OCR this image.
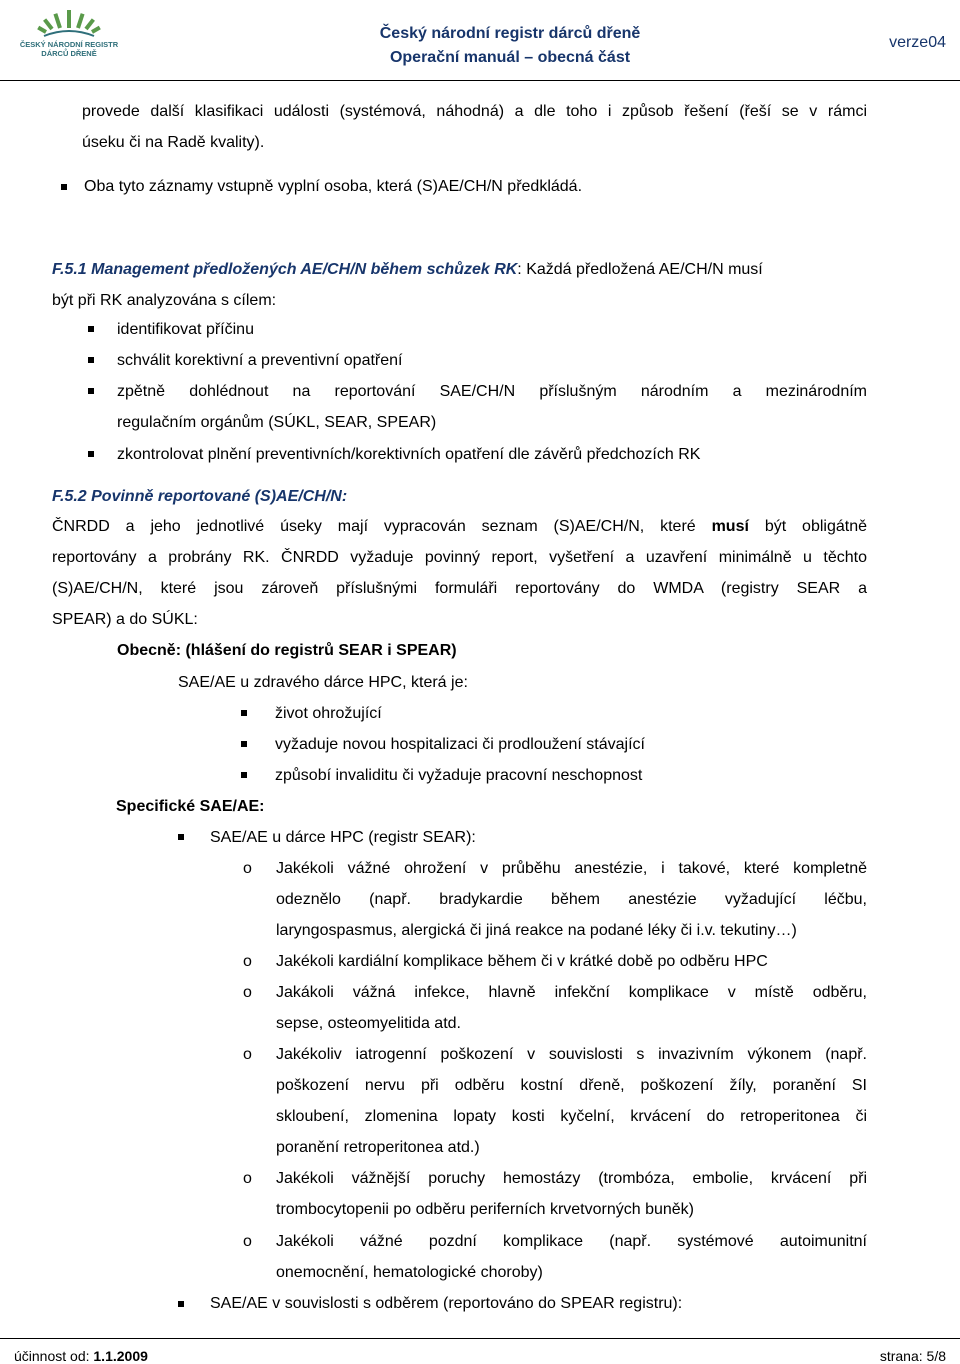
ČESKÝ NÁRODNÍ REGISTR
DÁRCŮ DŘENĚ
Český národní registr dárců dřeně
Operační manuál – obecná část
verze04
provede další klasifikaci události (systémová, náhodná) a dle toho i způsob řešení (řeší se v rámci
úseku či na Radě kvality).
Oba tyto záznamy vstupně vyplní osoba, která (S)AE/CH/N předkládá.
F.5.1 Management předložených AE/CH/N během schůzek RK: Každá předložená AE/CH/N musí
být při RK analyzována s cílem:
identifikovat příčinu
schválit korektivní a preventivní opatření
zpětně dohlédnout na reportování SAE/CH/N příslušným národním a mezinárodním
regulačním orgánům (SÚKL, SEAR, SPEAR)
zkontrolovat plnění preventivních/korektivních opatření dle závěrů předchozích RK
F.5.2 Povinně reportované (S)AE/CH/N:
ČNRDD a jeho jednotlivé úseky mají vypracován seznam (S)AE/CH/N, které musí být obligátně
reportovány a probrány RK. ČNRDD vyžaduje povinný report, vyšetření a uzavření minimálně u těchto
(S)AE/CH/N, které jsou zároveň příslušnými formuláři reportovány do WMDA (registry SEAR a
SPEAR) a do SÚKL:
Obecně: (hlášení do registrů SEAR i SPEAR)
SAE/AE u zdravého dárce HPC, která je:
život ohrožující
vyžaduje novou hospitalizaci či prodloužení stávající
způsobí invaliditu či vyžaduje pracovní neschopnost
Specifické SAE/AE:
SAE/AE u dárce HPC (registr SEAR):
o Jakékoli vážné ohrožení v průběhu anestézie, i takové, které kompletně
odeznělo (např. bradykardie během anestézie vyžadující léčbu,
laryngospasmus, alergická či jiná reakce na podané léky či i.v. tekutiny…)
o Jakékoli kardiální komplikace během či v krátké době po odběru HPC
o Jakákoli vážná infekce, hlavně infekční komplikace v místě odběru,
sepse, osteomyelitida atd.
o Jakékoliv iatrogenní poškození v souvislosti s invazivním výkonem (např.
poškození nervu při odběru kostní dřeně, poškození žíly, poranění SI
skloubení, zlomenina lopaty kosti kyčelní, krvácení do retroperitonea či
poranění retroperitonea atd.)
o Jakékoli vážnější poruchy hemostázy (trombóza, embolie, krvácení při
trombocytopenii po odběru periferních krvetvorných buněk)
o Jakékoli vážné pozdní komplikace (např. systémové autoimunitní
onemocnění, hematologické choroby)
SAE/AE v souvislosti s odběrem (reportováno do SPEAR registru):
účinnost od: 1.1.2009	strana: 5/8
